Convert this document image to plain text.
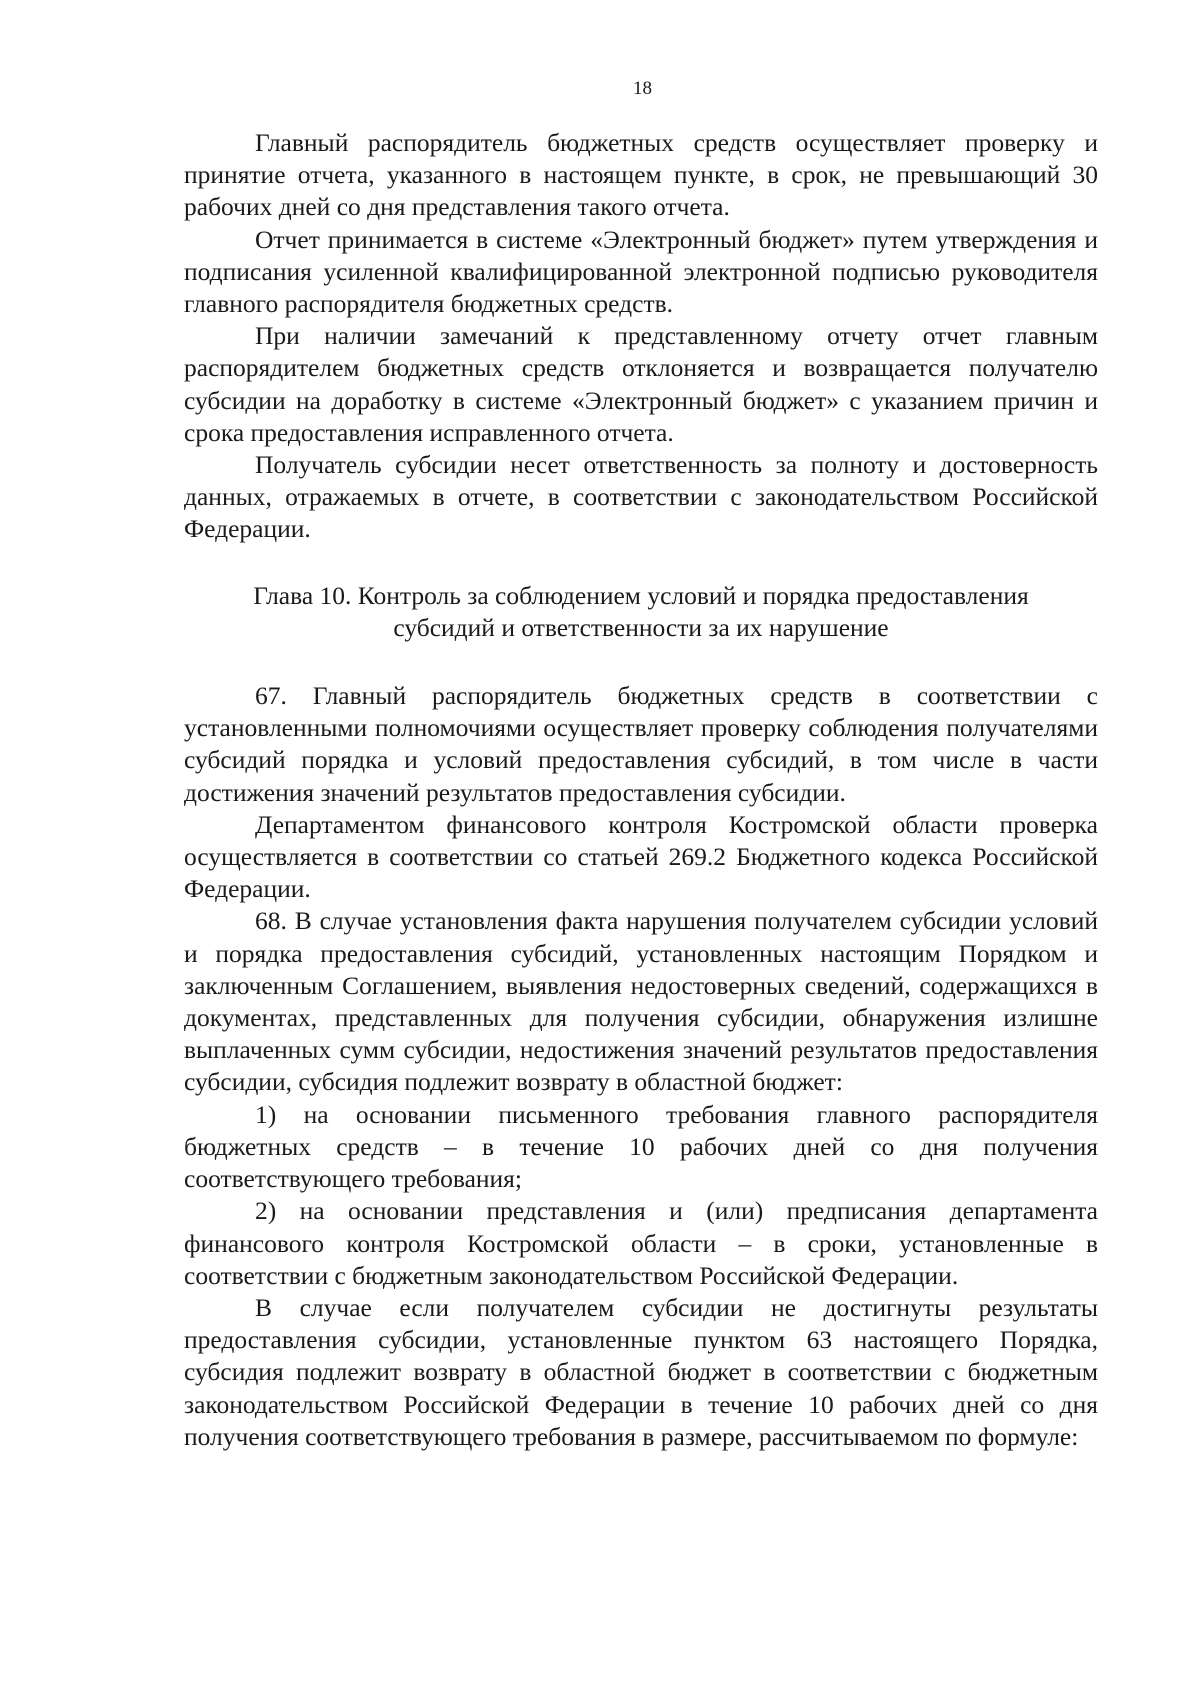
18

Главный распорядитель бюджетных средств осуществляет проверку и принятие отчета, указанного в настоящем пункте, в срок, не превышающий 30 рабочих дней со дня представления такого отчета.

Отчет принимается в системе «Электронный бюджет» путем утверждения и подписания усиленной квалифицированной электронной подписью руководителя главного распорядителя бюджетных средств.

При наличии замечаний к представленному отчету отчет главным распорядителем бюджетных средств отклоняется и возвращается получателю субсидии на доработку в системе «Электронный бюджет» с указанием причин и срока предоставления исправленного отчета.

Получатель субсидии несет ответственность за полноту и достоверность данных, отражаемых в отчете, в соответствии с законодательством Российской Федерации.

Глава 10. Контроль за соблюдением условий и порядка предоставления
субсидий и ответственности за их нарушение

67. Главный распорядитель бюджетных средств в соответствии с установленными полномочиями осуществляет проверку соблюдения получателями субсидий порядка и условий предоставления субсидий, в том числе в части достижения значений результатов предоставления субсидии.

Департаментом финансового контроля Костромской области проверка осуществляется в соответствии со статьей 269.2 Бюджетного кодекса Российской Федерации.

68. В случае установления факта нарушения получателем субсидии условий и порядка предоставления субсидий, установленных настоящим Порядком и заключенным Соглашением, выявления недостоверных сведений, содержащихся в документах, представленных для получения субсидии, обнаружения излишне выплаченных сумм субсидии, недостижения значений результатов предоставления субсидии, субсидия подлежит возврату в областной бюджет:

1) на основании письменного требования главного распорядителя бюджетных средств – в течение 10 рабочих дней со дня получения соответствующего требования;

2) на основании представления и (или) предписания департамента финансового контроля Костромской области – в сроки, установленные в соответствии с бюджетным законодательством Российской Федерации.

В случае если получателем субсидии не достигнуты результаты предоставления субсидии, установленные пунктом 63 настоящего Порядка, субсидия подлежит возврату в областной бюджет в соответствии с бюджетным законодательством Российской Федерации в течение 10 рабочих дней со дня получения соответствующего требования в размере, рассчитываемом по формуле:
